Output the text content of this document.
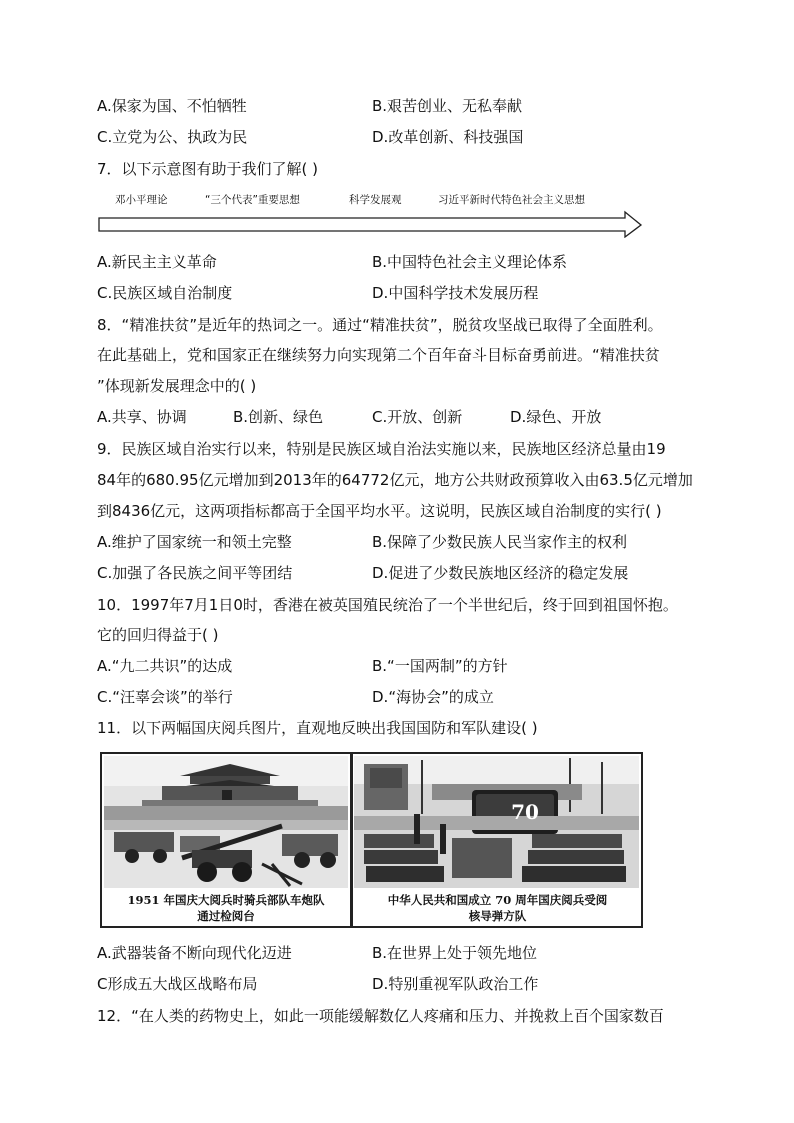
A.保家为国、不怕牺牲	B.艰苦创业、无私奉献
C.立党为公、执政为民	D.改革创新、科技强国
7．以下示意图有助于我们了解( )
邓小平理论	“三个代表”重要思想	科学发展观	习近平新时代特色社会主义思想
A.新民主主义革命	B.中国特色社会主义理论体系
C.民族区域自治制度	D.中国科学技术发展历程
8．“精准扶贫”是近年的热词之一。通过“精准扶贫”，脱贫攻坚战已取得了全面胜利。
在此基础上，党和国家正在继续努力向实现第二个百年奋斗目标奋勇前进。“精准扶贫
”体现新发展理念中的( )
A.共享、协调	B.创新、绿色	C.开放、创新	D.绿色、开放
9．民族区域自治实行以来，特别是民族区域自治法实施以来，民族地区经济总量由19
84年的680.95亿元增加到2013年的64772亿元，地方公共财政预算收入由63.5亿元增加
到8436亿元，这两项指标都高于全国平均水平。这说明，民族区域自治制度的实行( )
A.维护了国家统一和领土完整	B.保障了少数民族人民当家作主的权利
C.加强了各民族之间平等团结	D.促进了少数民族地区经济的稳定发展
10．1997年7月1日0时，香港在被英国殖民统治了一个半世纪后，终于回到祖国怀抱。
它的回归得益于( )
A.“九二共识”的达成	B.“一国两制”的方针
C.“汪辜会谈”的举行	D.“海协会”的成立
11．以下两幅国庆阅兵图片，直观地反映出我国国防和军队建设( )
70
1951 年国庆大阅兵时骑兵部队车炮队
通过检阅台
中华人民共和国成立 70 周年国庆阅兵受阅
核导弹方队
A.武器装备不断向现代化迈进	B.在世界上处于领先地位
C形成五大战区战略布局	D.特别重视军队政治工作
12．“在人类的药物史上，如此一项能缓解数亿人疼痛和压力、并挽救上百个国家数百
